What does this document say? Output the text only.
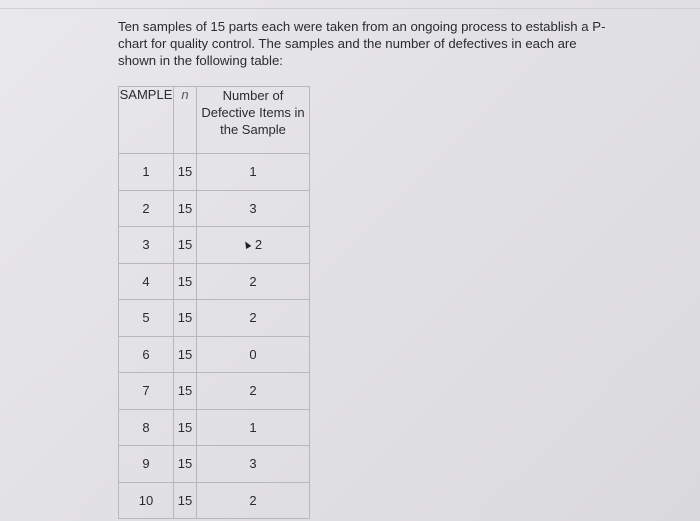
Ten samples of 15 parts each were taken from an ongoing process to establish a P-
chart for quality control. The samples and the number of defectives in each are
shown in the following table:

SAMPLE	n	Number of
Defective Items in
the Sample

1	15	1
2	15	3
3	15	2
4	15	2
5	15	2
6	15	0
7	15	2
8	15	1
9	15	3
10	15	2
